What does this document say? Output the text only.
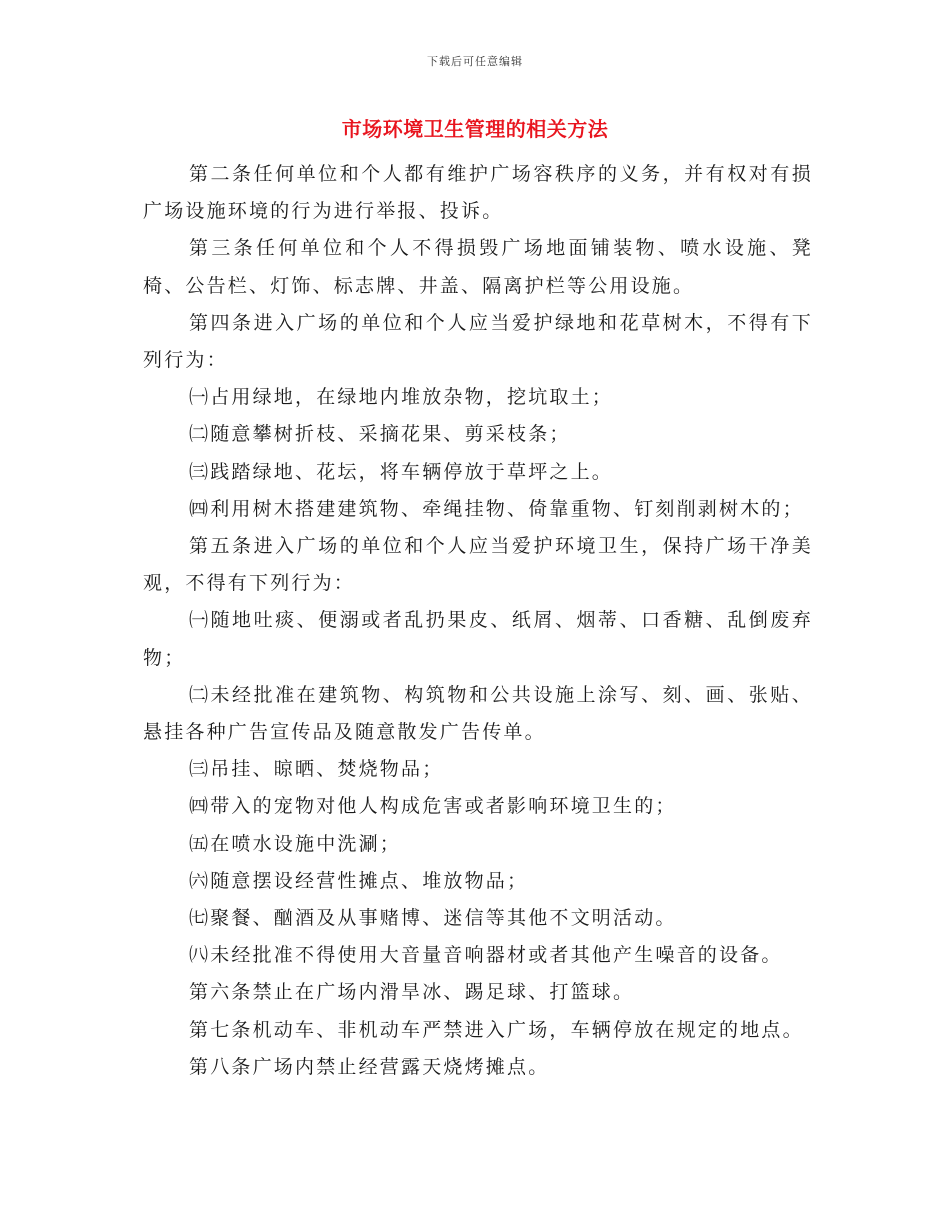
下载后可任意编辑
市场环境卫生管理的相关方法

第二条任何单位和个人都有维护广场容秩序的义务，并有权对有损广场设施环境的行为进行举报、投诉。

第三条任何单位和个人不得损毁广场地面铺装物、喷水设施、凳椅、公告栏、灯饰、标志牌、井盖、隔离护栏等公用设施。

第四条进入广场的单位和个人应当爱护绿地和花草树木，不得有下列行为：

㈠占用绿地，在绿地内堆放杂物，挖坑取土；

㈡随意攀树折枝、采摘花果、剪采枝条；

㈢践踏绿地、花坛，将车辆停放于草坪之上。

㈣利用树木搭建建筑物、牵绳挂物、倚靠重物、钉刻削剥树木的；

第五条进入广场的单位和个人应当爱护环境卫生，保持广场干净美观，不得有下列行为：

㈠随地吐痰、便溺或者乱扔果皮、纸屑、烟蒂、口香糖、乱倒废弃物；

㈡未经批准在建筑物、构筑物和公共设施上涂写、刻、画、张贴、悬挂各种广告宣传品及随意散发广告传单。

㈢吊挂、晾晒、焚烧物品；

㈣带入的宠物对他人构成危害或者影响环境卫生的；

㈤在喷水设施中洗涮；

㈥随意摆设经营性摊点、堆放物品；

㈦聚餐、酗酒及从事赌博、迷信等其他不文明活动。

㈧未经批准不得使用大音量音响器材或者其他产生噪音的设备。

第六条禁止在广场内滑旱冰、踢足球、打篮球。

第七条机动车、非机动车严禁进入广场，车辆停放在规定的地点。

第八条广场内禁止经营露天烧烤摊点。
